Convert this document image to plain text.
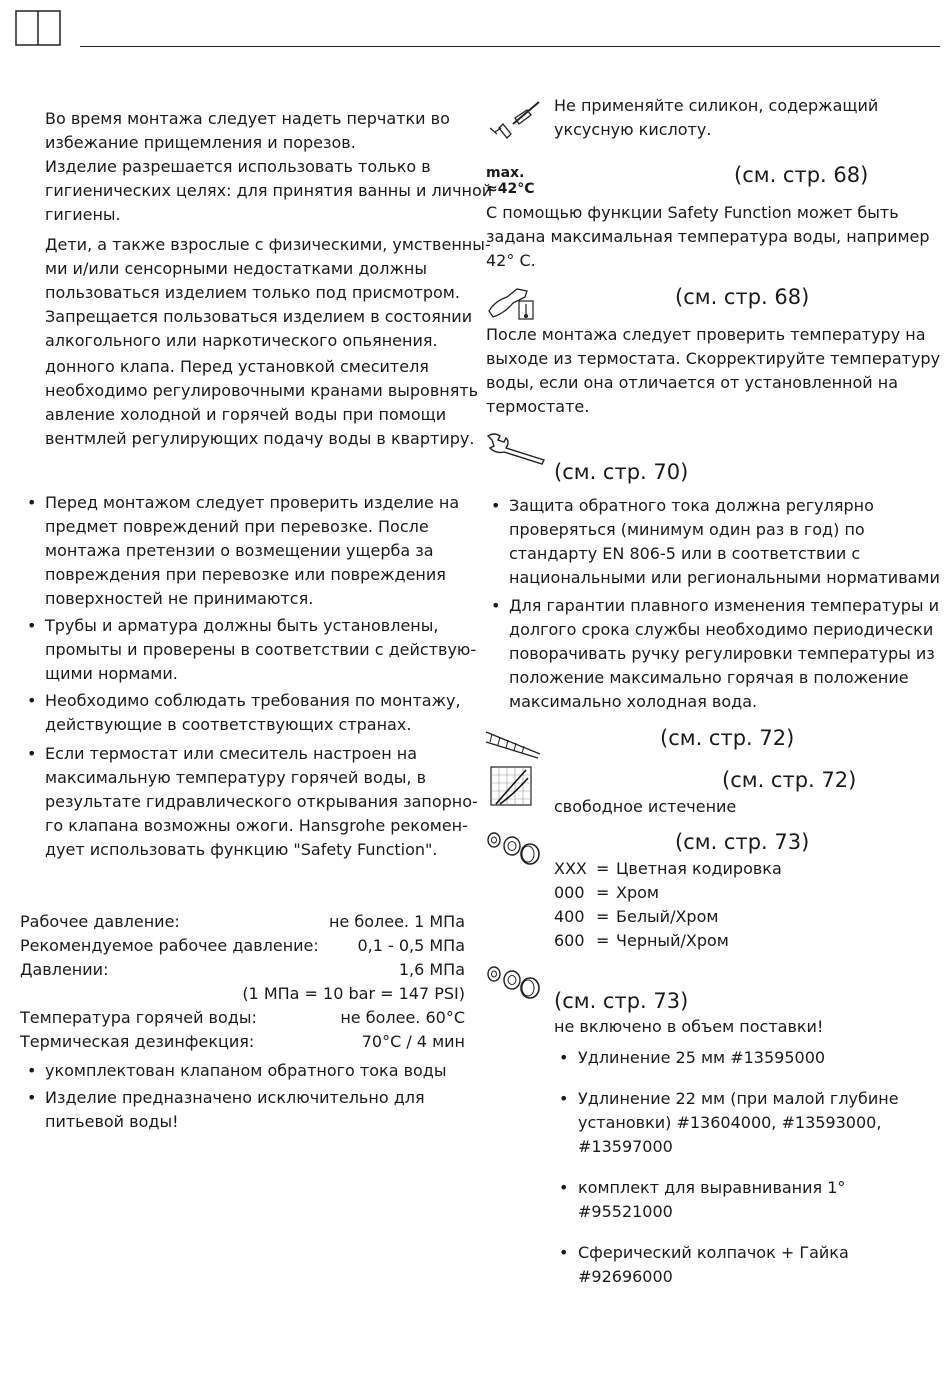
Во время монтажа следует надеть перчатки во
избежание прищемления и порезов.
Изделие разрешается использовать только в
гигиенических целях: для принятия ванны и личной
гигиены.
Дети, а также взрослые с физическими, умственны-
ми и/или сенсорными недостатками должны
пользоваться изделием только под присмотром.
Запрещается пользоваться изделием в состоянии
алкогольного или наркотического опьянения.
донного клапа. Перед установкой смесителя
необходимо регулировочными кранами выровнять
авление холодной и горячей воды при помощи
вентмлей регулирующих подачу воды в квартиру.
• Перед монтажом следует проверить изделие на
предмет повреждений при перевозке. После
монтажа претензии о возмещении ущерба за
повреждения при перевозке или повреждения
поверхностей не принимаются.
• Трубы и арматура должны быть установлены,
промыты и проверены в соответствии с действую-
щими нормами.
• Необходимо соблюдать требования по монтажу,
действующие в соответствующих странах.
• Если термостат или смеситель настроен на
максимальную температуру горячей воды, в
результате гидравлического открывания запорно-
го клапана возможны ожоги. Hansgrohe рекомен-
дует использовать функцию "Safety Function".
Рабочее давление:	не более. 1 МПа
Рекомендуемое рабочее давление: 0,1 - 0,5 МПа
Давлении:	1,6 МПа
(1 МПа = 10 bar = 147 PSI)
Температура горячей воды:	не более. 60°C
Термическая дезинфекция:	70°C / 4 мин
• укомплектован клапаном обратного тока воды
• Изделие предназначено исключительно для
питьевой воды!
Не применяйте силикон, содержащий
уксусную кислоту.
max.
≈42°C
(см. стр. 68)
С помощью функции Safety Function может быть
задана максимальная температура воды, например
42° C.
(см. стр. 68)
После монтажа следует проверить температуру на
выходе из термостата. Скорректируйте температуру
воды, если она отличается от установленной на
термостате.
(см. стр. 70)
• Защита обратного тока должна регулярно
проверяться (минимум один раз в год) по
стандарту EN 806-5 или в соответствии с
национальными или региональными нормативами
• Для гарантии плавного изменения температуры и
долгого срока службы необходимо периодически
поворачивать ручку регулировки температуры из
положение максимально горячая в положение
максимально холодная вода.
(см. стр. 72)
(см. стр. 72)
свободное истечение
(см. стр. 73)
XXX = Цветная кодировка
000 = Хром
400 = Белый/Хром
600 = Черный/Хром
(см. стр. 73)
не включено в объем поставки!
• Удлинение 25 мм #13595000
• Удлинение 22 мм (при малой глубине
установки) #13604000, #13593000,
#13597000
• комплект для выравнивания 1°
#95521000
• Сферический колпачок + Гайка
#92696000
